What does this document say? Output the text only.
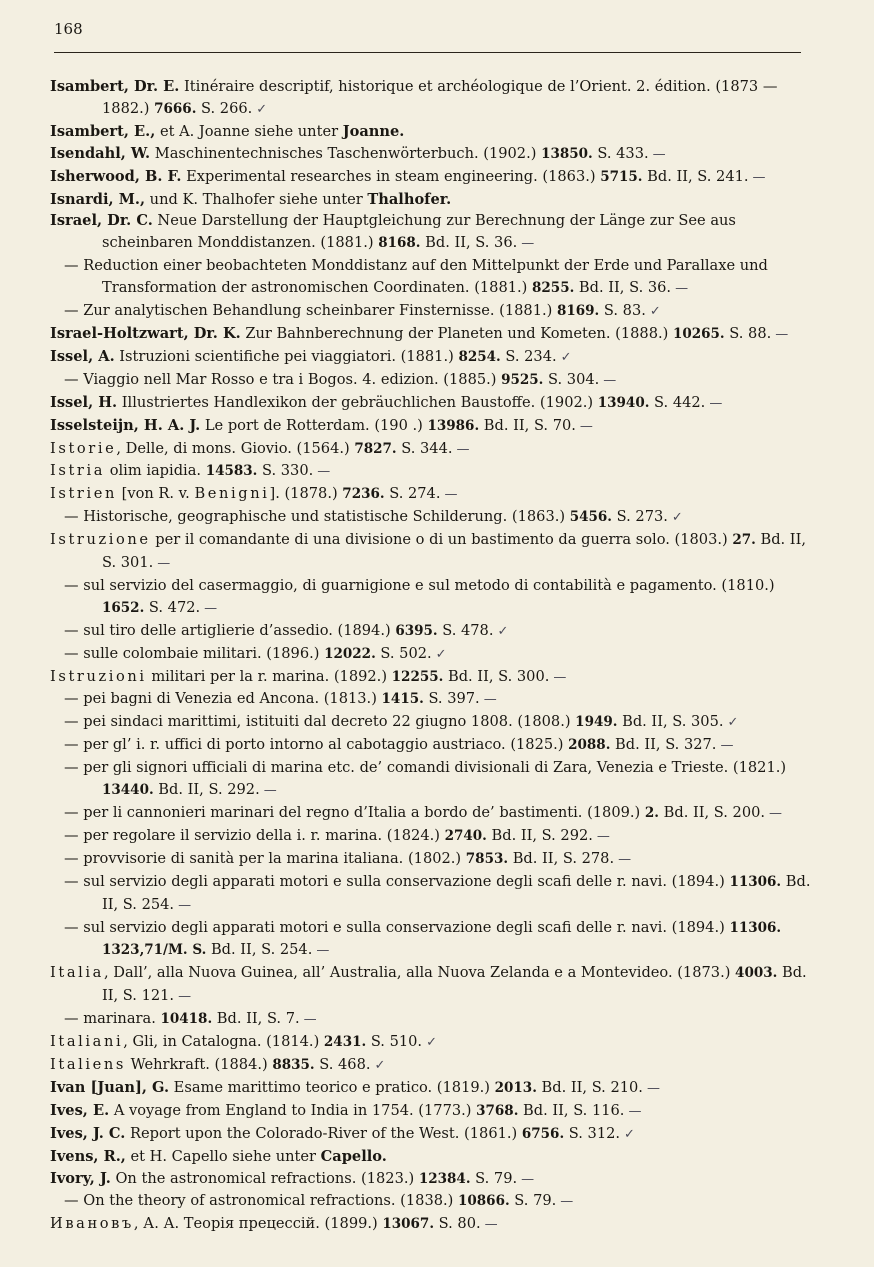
168

Isambert, Dr. E. Itinéraire descriptif, historique et archéologique de l’Orient. 2. édition. (1873 — 1882.) 7666. S. 266. ✓

Isambert, E., et A. Joanne siehe unter Joanne.

Isendahl, W. Maschinentechnisches Taschenwörterbuch. (1902.) 13850. S. 433. —

Isherwood, B. F. Experimental researches in steam engineering. (1863.) 5715. Bd. II, S. 241. —

Isnardi, M., und K. Thalhofer siehe unter Thalhofer.

Israel, Dr. C. Neue Darstellung der Hauptgleichung zur Berechnung der Länge zur See aus scheinbaren Monddistanzen. (1881.) 8168. Bd. II, S. 36. —

— Reduction einer beobachteten Monddistanz auf den Mittelpunkt der Erde und Parallaxe und Transformation der astronomischen Coordinaten. (1881.) 8255. Bd. II, S. 36. —

— Zur analytischen Behandlung scheinbarer Finsternisse. (1881.) 8169. S. 83. ✓

Israel-Holtzwart, Dr. K. Zur Bahnberechnung der Planeten und Kometen. (1888.) 10265. S. 88. —

Issel, A. Istruzioni scientifiche pei viaggiatori. (1881.) 8254. S. 234. ✓

— Viaggio nell Mar Rosso e tra i Bogos. 4. edizion. (1885.) 9525. S. 304. —

Issel, H. Illustriertes Handlexikon der gebräuchlichen Baustoffe. (1902.) 13940. S. 442. —

Isselsteijn, H. A. J. Le port de Rotterdam. (190 .) 13986. Bd. II, S. 70. —

Istorie, Delle, di mons. Giovio. (1564.) 7827. S. 344. —

Istria olim iapidia. 14583. S. 330. —

Istrien [von R. v. Benigni]. (1878.) 7236. S. 274. —

— Historische, geographische und statistische Schilderung. (1863.) 5456. S. 273. ✓

Istruzione per il comandante di una divisione o di un bastimento da guerra solo. (1803.) 27. Bd. II, S. 301. —

— sul servizio del casermaggio, di guarnigione e sul metodo di contabilità e pagamento. (1810.) 1652. S. 472. —

— sul tiro delle artiglierie d’assedio. (1894.) 6395. S. 478. ✓

— sulle colombaie militari. (1896.) 12022. S. 502. ✓

Istruzioni militari per la r. marina. (1892.) 12255. Bd. II, S. 300. —

— pei bagni di Venezia ed Ancona. (1813.) 1415. S. 397. —

— pei sindaci marittimi, istituiti dal decreto 22 giugno 1808. (1808.) 1949. Bd. II, S. 305. ✓

— per gl’ i. r. uffici di porto intorno al cabotaggio austriaco. (1825.) 2088. Bd. II, S. 327. —

— per gli signori ufficiali di marina etc. de’ comandi divisionali di Zara, Venezia e Trieste. (1821.) 13440. Bd. II, S. 292. —

— per li cannonieri marinari del regno d’Italia a bordo de’ bastimenti. (1809.) 2. Bd. II, S. 200. —

— per regolare il servizio della i. r. marina. (1824.) 2740. Bd. II, S. 292. —

— provvisorie di sanità per la marina italiana. (1802.) 7853. Bd. II, S. 278. —

— sul servizio degli apparati motori e sulla conservazione degli scafi delle r. navi. (1894.) 11306. Bd. II, S. 254. —

— sul servizio degli apparati motori e sulla conservazione degli scafi delle r. navi. (1894.) 11306. 1323,71/M. S. Bd. II, S. 254. —

Italia, Dall’, alla Nuova Guinea, all’ Australia, alla Nuova Zelanda e a Montevideo. (1873.) 4003. Bd. II, S. 121. —

— marinara. 10418. Bd. II, S. 7. —

Italiani, Gli, in Catalogna. (1814.) 2431. S. 510. ✓

Italiens Wehrkraft. (1884.) 8835. S. 468. ✓

Ivan [Juan], G. Esame marittimo teorico e pratico. (1819.) 2013. Bd. II, S. 210. —

Ives, E. A voyage from England to India in 1754. (1773.) 3768. Bd. II, S. 116. —

Ives, J. C. Report upon the Colorado-River of the West. (1861.) 6756. S. 312. ✓

Ivens, R., et H. Capello siehe unter Capello.

Ivory, J. On the astronomical refractions. (1823.) 12384. S. 79. —

— On the theory of astronomical refractions. (1838.) 10866. S. 79. —

Ивановъ, А. А. Теорія прецессій. (1899.) 13067. S. 80. —
